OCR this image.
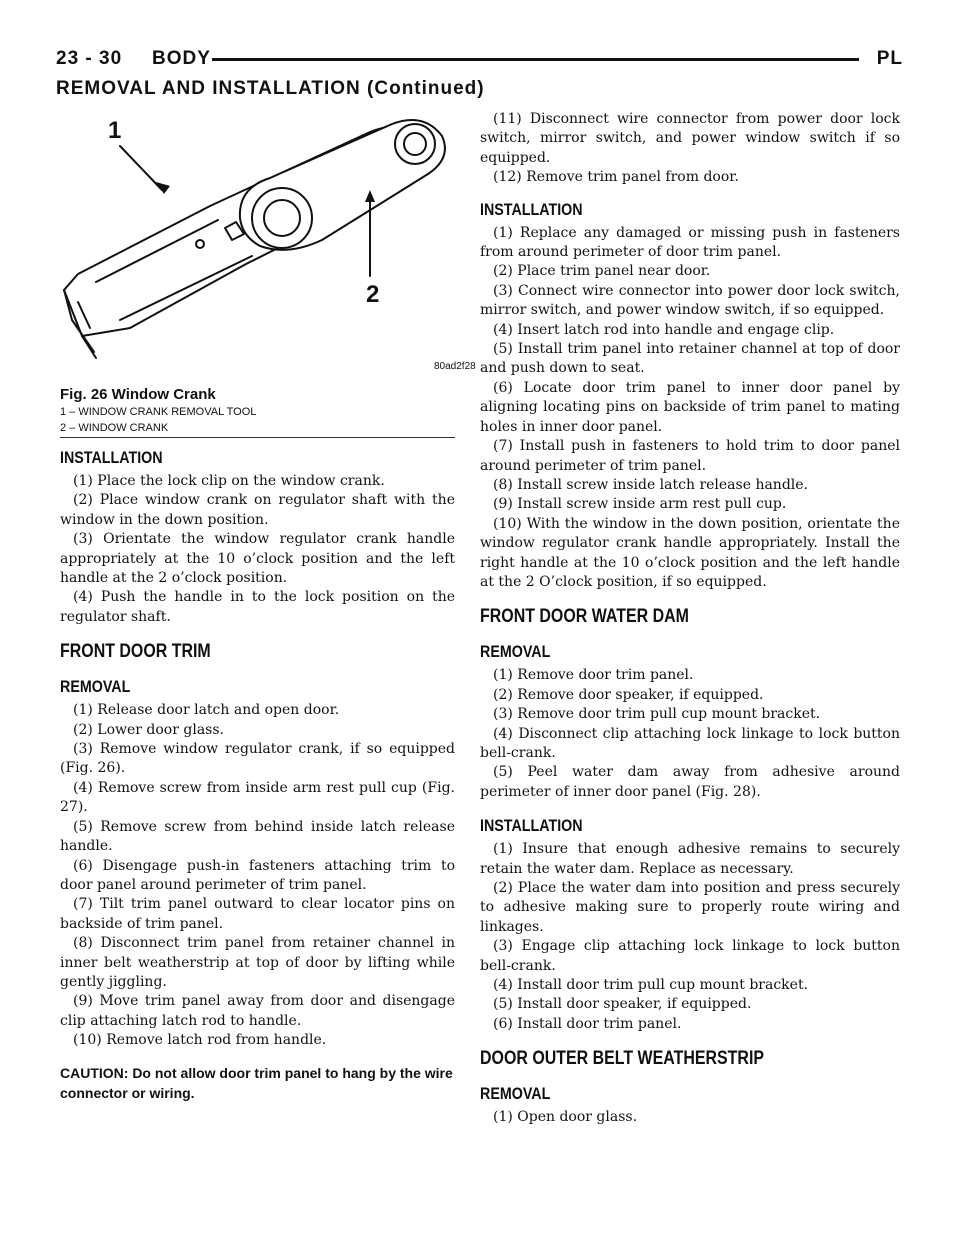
23 - 30 BODY	PL
REMOVAL AND INSTALLATION (Continued)
1
2
80ad2f28
Fig. 26 Window Crank
1 – WINDOW CRANK REMOVAL TOOL
2 – WINDOW CRANK
INSTALLATION

(1) Place the lock clip on the window crank.

(2) Place window crank on regulator shaft with the window in the down position.

(3) Orientate the window regulator crank handle appropriately at the 10 o’clock position and the left handle at the 2 o’clock position.

(4) Push the handle in to the lock position on the regulator shaft.

FRONT DOOR TRIM
REMOVAL

(1) Release door latch and open door.

(2) Lower door glass.

(3) Remove window regulator crank, if so equipped (Fig. 26).

(4) Remove screw from inside arm rest pull cup (Fig. 27).

(5) Remove screw from behind inside latch release handle.

(6) Disengage push-in fasteners attaching trim to door panel around perimeter of trim panel.

(7) Tilt trim panel outward to clear locator pins on backside of trim panel.

(8) Disconnect trim panel from retainer channel in inner belt weatherstrip at top of door by lifting while gently jiggling.

(9) Move trim panel away from door and disengage clip attaching latch rod to handle.

(10) Remove latch rod from handle.

CAUTION: Do not allow door trim panel to hang by the wire connector or wiring.

(11) Disconnect wire connector from power door lock switch, mirror switch, and power window switch if so equipped.

(12) Remove trim panel from door.

INSTALLATION

(1) Replace any damaged or missing push in fasteners from around perimeter of door trim panel.

(2) Place trim panel near door.

(3) Connect wire connector into power door lock switch, mirror switch, and power window switch, if so equipped.

(4) Insert latch rod into handle and engage clip.

(5) Install trim panel into retainer channel at top of door and push down to seat.

(6) Locate door trim panel to inner door panel by aligning locating pins on backside of trim panel to mating holes in inner door panel.

(7) Install push in fasteners to hold trim to door panel around perimeter of trim panel.

(8) Install screw inside latch release handle.

(9) Install screw inside arm rest pull cup.

(10) With the window in the down position, orientate the window regulator crank handle appropriately. Install the right handle at the 10 o’clock position and the left handle at the 2 O’clock position, if so equipped.

FRONT DOOR WATER DAM
REMOVAL

(1) Remove door trim panel.

(2) Remove door speaker, if equipped.

(3) Remove door trim pull cup mount bracket.

(4) Disconnect clip attaching lock linkage to lock button bell-crank.

(5) Peel water dam away from adhesive around perimeter of inner door panel (Fig. 28).

INSTALLATION

(1) Insure that enough adhesive remains to securely retain the water dam. Replace as necessary.

(2) Place the water dam into position and press securely to adhesive making sure to properly route wiring and linkages.

(3) Engage clip attaching lock linkage to lock button bell-crank.

(4) Install door trim pull cup mount bracket.

(5) Install door speaker, if equipped.

(6) Install door trim panel.

DOOR OUTER BELT WEATHERSTRIP
REMOVAL

(1) Open door glass.
